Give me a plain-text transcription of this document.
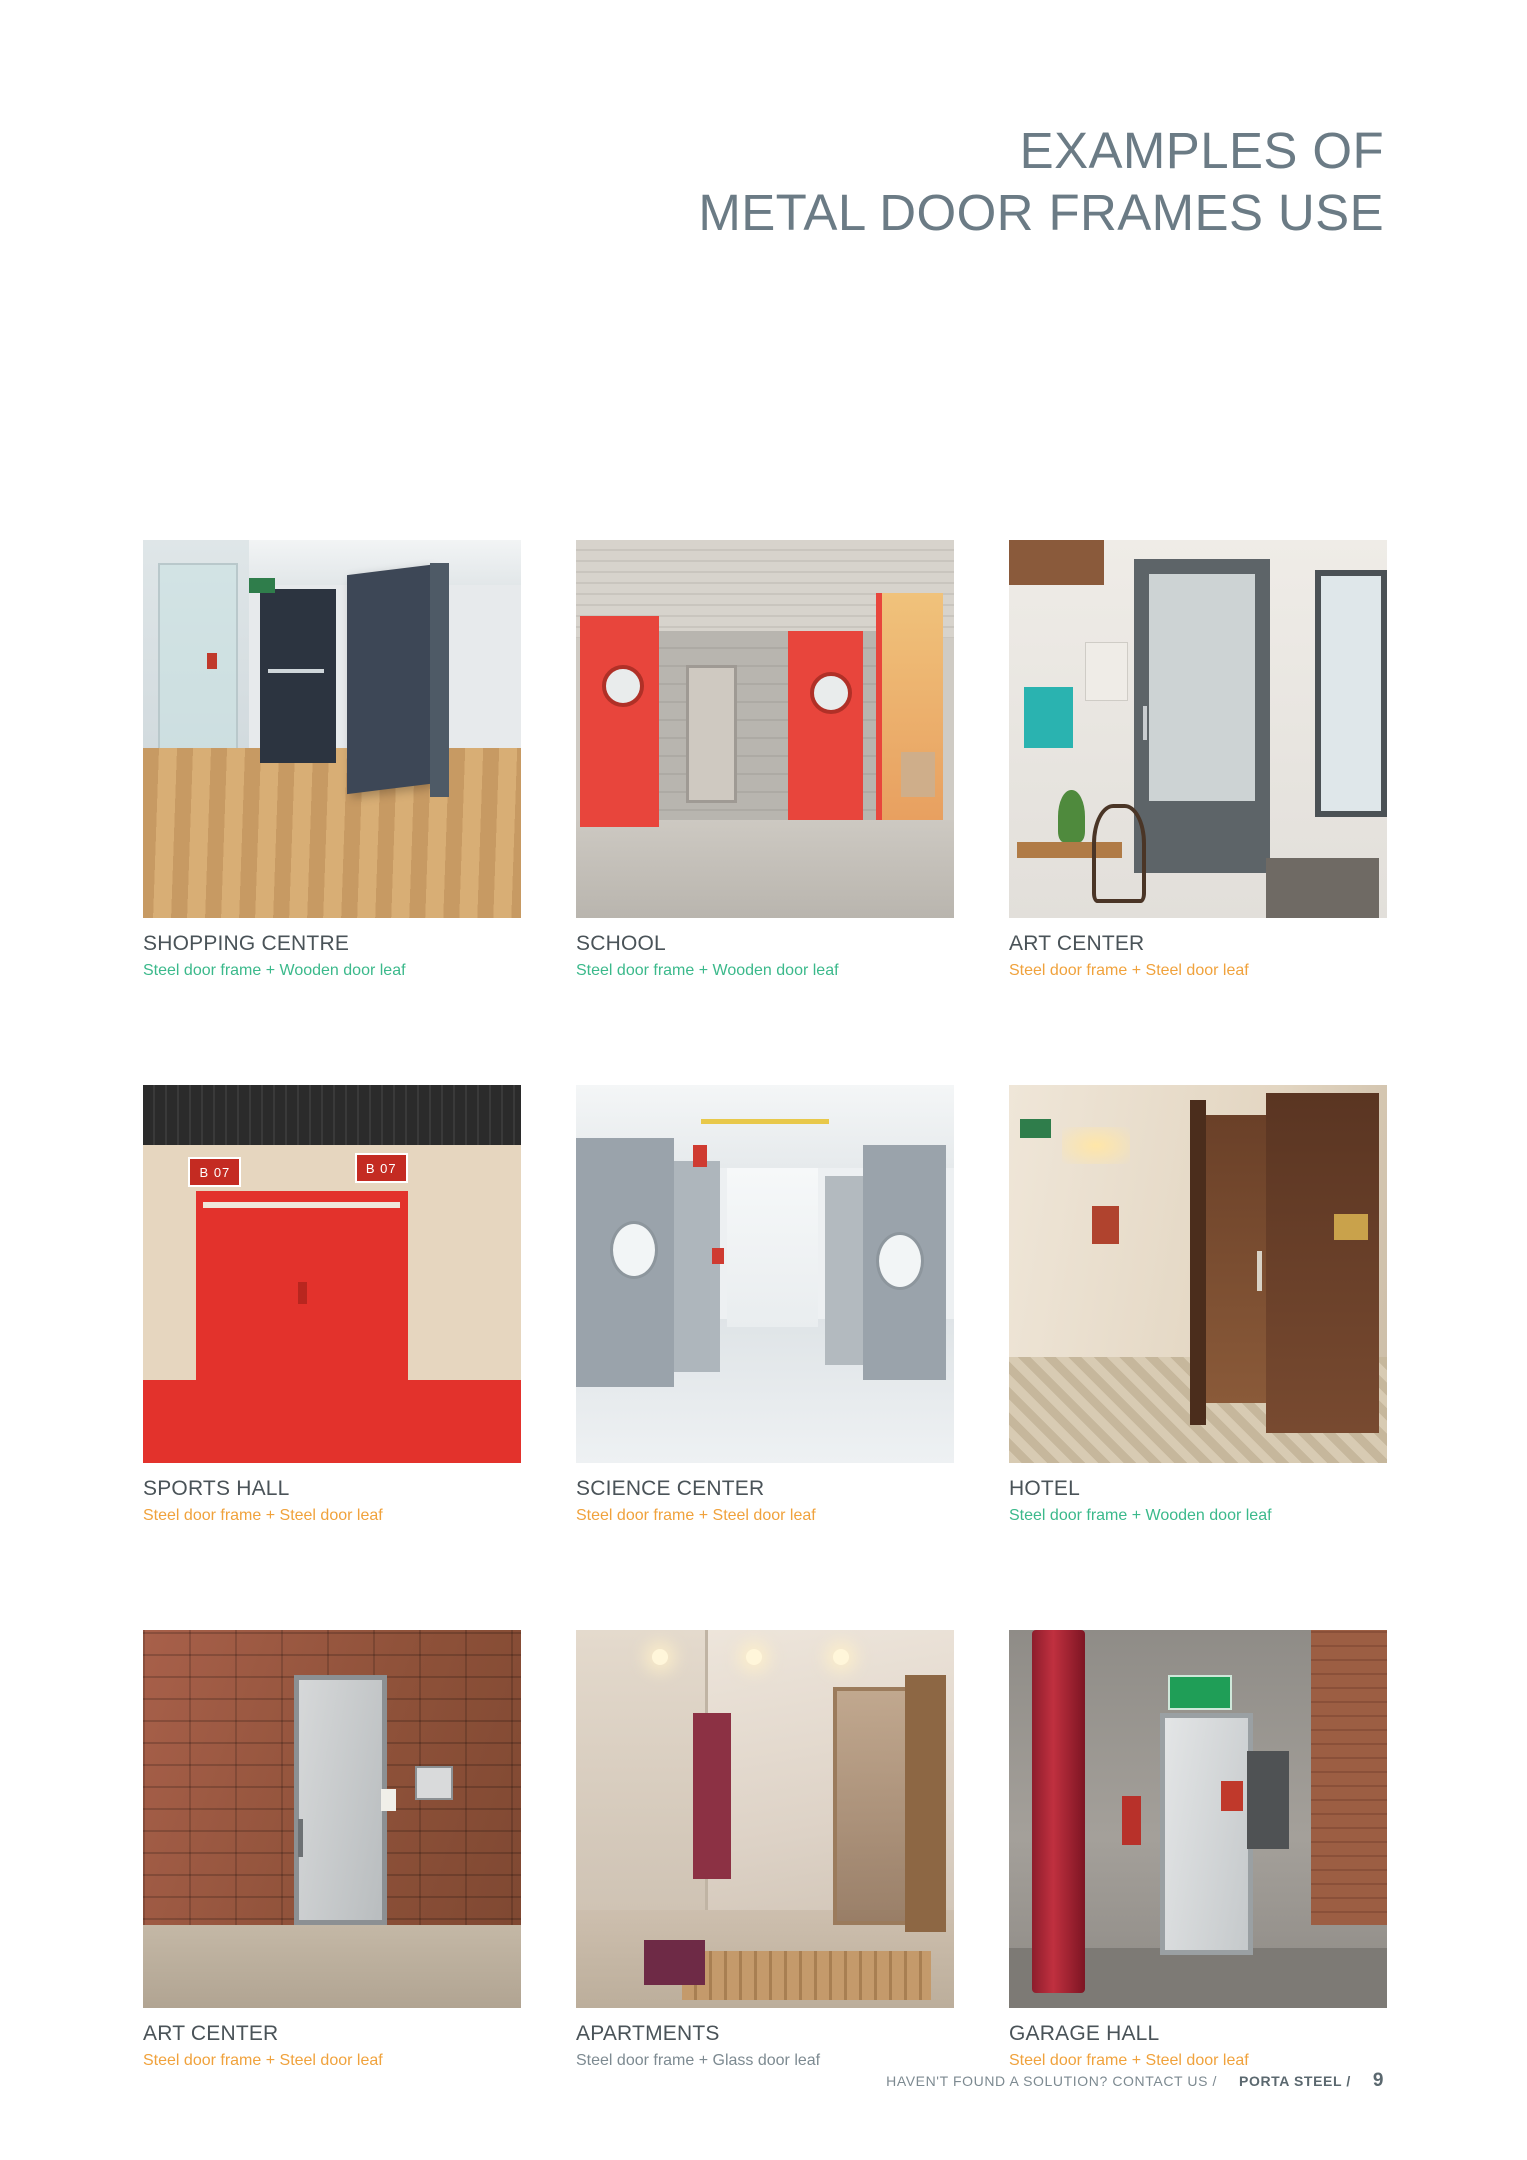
EXAMPLES OF
METAL DOOR FRAMES USE
SHOPPING CENTRE
Steel door frame + Wooden door leaf
SCHOOL
Steel door frame + Wooden door leaf
ART CENTER
Steel door frame + Steel door leaf
B 07	B 07
SPORTS HALL
Steel door frame + Steel door leaf
SCIENCE CENTER
Steel door frame + Steel door leaf
HOTEL
Steel door frame + Wooden door leaf
ART CENTER
Steel door frame + Steel door leaf
APARTMENTS
Steel door frame + Glass door leaf
GARAGE HALL
Steel door frame + Steel door leaf
HAVEN'T FOUND A SOLUTION? CONTACT US / PORTA STEEL / 9
